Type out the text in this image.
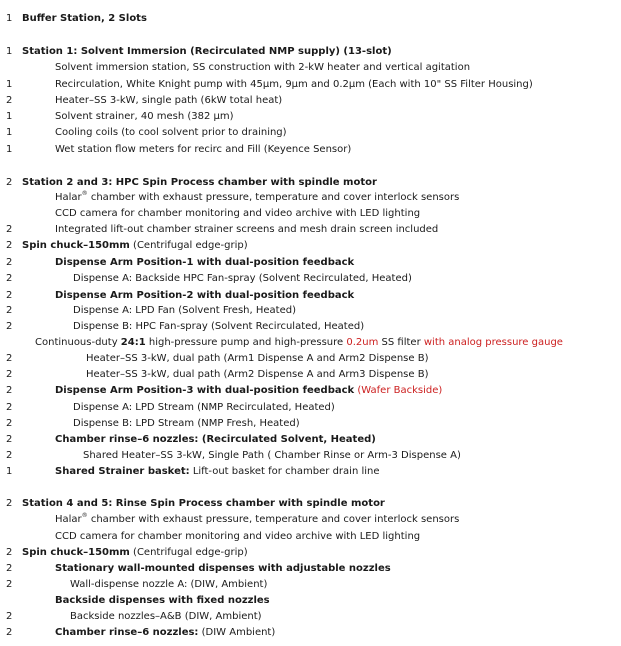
1 Buffer Station, 2 Slots
1 Station 1: Solvent Immersion (Recirculated NMP supply) (13-slot)
Solvent immersion station, SS construction with 2-kW heater and vertical agitation
1	Recirculation, White Knight pump with 45µm, 9µm and 0.2µm (Each with 10" SS Filter Housing)
2	Heater–SS 3-kW, single path (6kW total heat)
1	Solvent strainer, 40 mesh (382 µm)
1	Cooling coils (to cool solvent prior to draining)
1	Wet station flow meters for recirc and Fill (Keyence Sensor)
2 Station 2 and 3: HPC Spin Process chamber with spindle motor
Halar® chamber with exhaust pressure, temperature and cover interlock sensors
CCD camera for chamber monitoring and video archive with LED lighting
2	Integrated lift-out chamber strainer screens and mesh drain screen included
2 Spin chuck–150mm (Centrifugal edge-grip)
2	Dispense Arm Position-1 with dual-position feedback
2	Dispense A: Backside HPC Fan-spray (Solvent Recirculated, Heated)
2	Dispense Arm Position-2 with dual-position feedback
2	Dispense A: LPD Fan (Solvent Fresh, Heated)
2	Dispense B: HPC Fan-spray (Solvent Recirculated, Heated)
Continuous-duty 24:1 high-pressure pump and high-pressure 0.2um SS filter with analog pressure gauge
2	Heater–SS 3-kW, dual path (Arm1 Dispense A and Arm2 Dispense B)
2	Heater–SS 3-kW, dual path (Arm2 Dispense A and Arm3 Dispense B)
2	Dispense Arm Position-3 with dual-position feedback (Wafer Backside)
2	Dispense A: LPD Stream (NMP Recirculated, Heated)
2	Dispense B: LPD Stream (NMP Fresh, Heated)
2	Chamber rinse–6 nozzles: (Recirculated Solvent, Heated)
2	Shared Heater–SS 3-kW, Single Path ( Chamber Rinse or Arm-3 Dispense A)
1	Shared Strainer basket: Lift-out basket for chamber drain line
2 Station 4 and 5: Rinse Spin Process chamber with spindle motor
Halar® chamber with exhaust pressure, temperature and cover interlock sensors
CCD camera for chamber monitoring and video archive with LED lighting
2 Spin chuck–150mm (Centrifugal edge-grip)
2	Stationary wall-mounted dispenses with adjustable nozzles
2	Wall-dispense nozzle A: (DIW, Ambient)
Backside dispenses with fixed nozzles
2	Backside nozzles–A&B (DIW, Ambient)
2	Chamber rinse–6 nozzles: (DIW Ambient)
